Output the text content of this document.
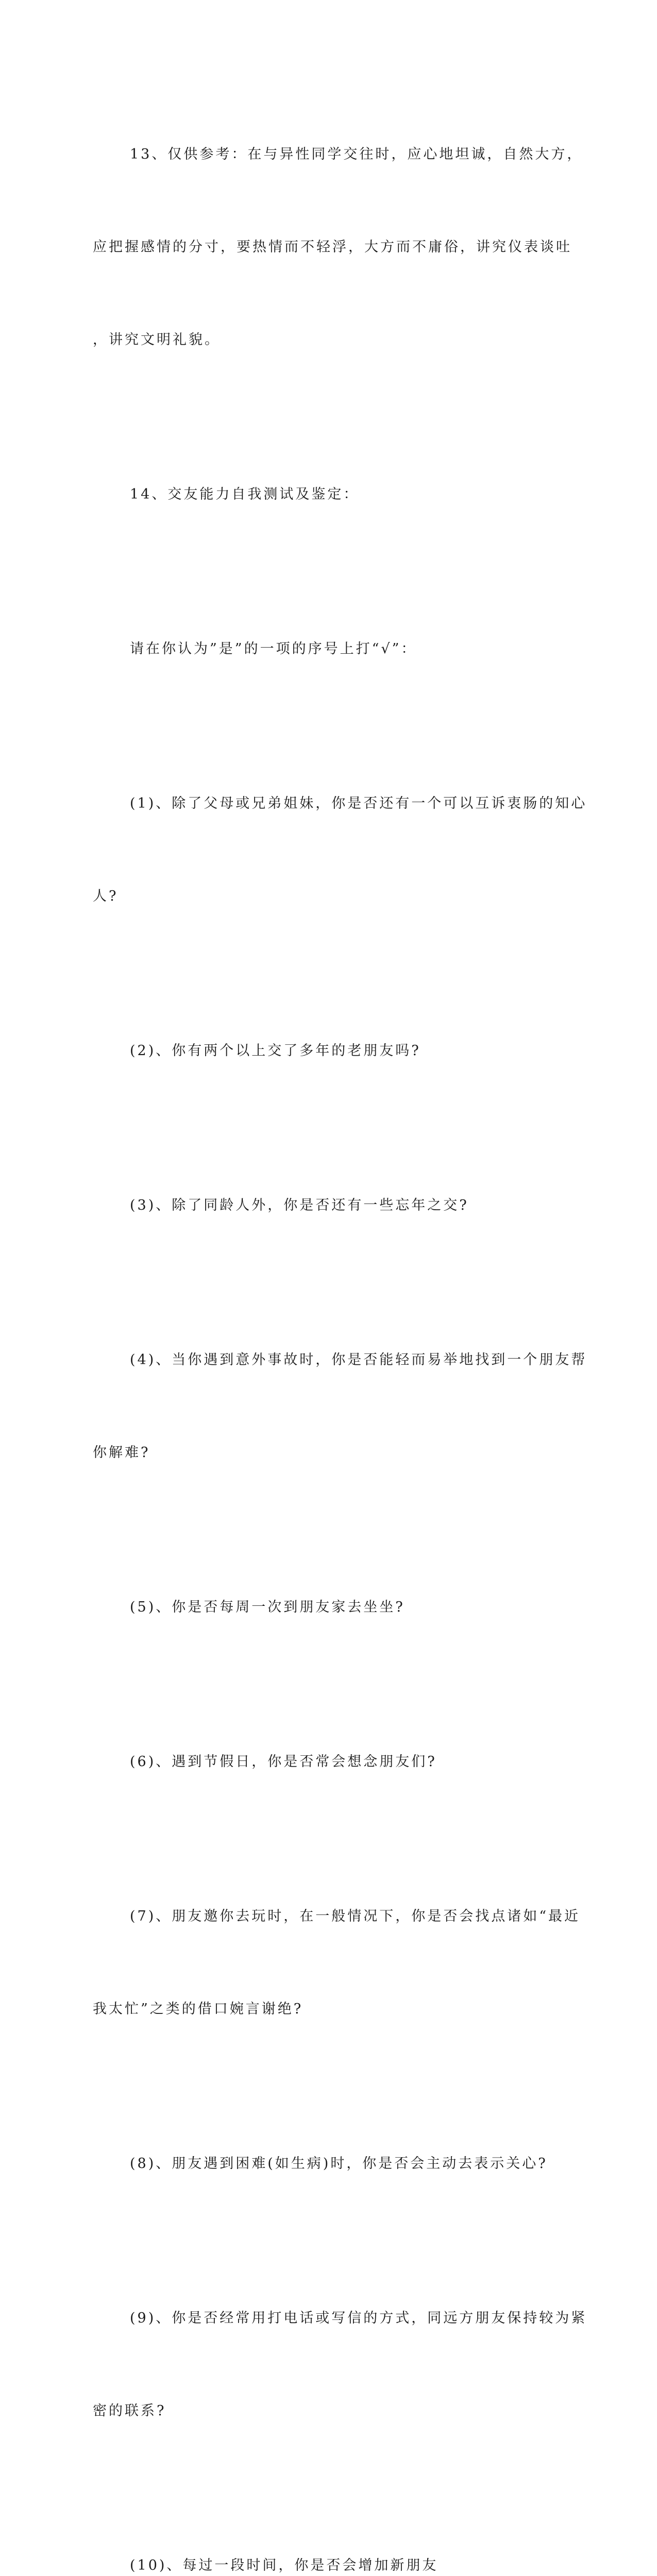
13、仅供参考：在与异性同学交往时，应心地坦诚，自然大方，

应把握感情的分寸，要热情而不轻浮，大方而不庸俗，讲究仪表谈吐

，讲究文明礼貌。

14、交友能力自我测试及鉴定：

请在你认为”是”的一项的序号上打“√”：

(1)、除了父母或兄弟姐妹，你是否还有一个可以互诉衷肠的知心

人?

(2)、你有两个以上交了多年的老朋友吗?

(3)、除了同龄人外，你是否还有一些忘年之交?

(4)、当你遇到意外事故时，你是否能轻而易举地找到一个朋友帮

你解难?

(5)、你是否每周一次到朋友家去坐坐?

(6)、遇到节假日，你是否常会想念朋友们?

(7)、朋友邀你去玩时，在一般情况下，你是否会找点诸如“最近

我太忙”之类的借口婉言谢绝?

(8)、朋友遇到困难(如生病)时，你是否会主动去表示关心?

(9)、你是否经常用打电话或写信的方式，同远方朋友保持较为紧

密的联系?

(10)、每过一段时间，你是否会增加新朋友
